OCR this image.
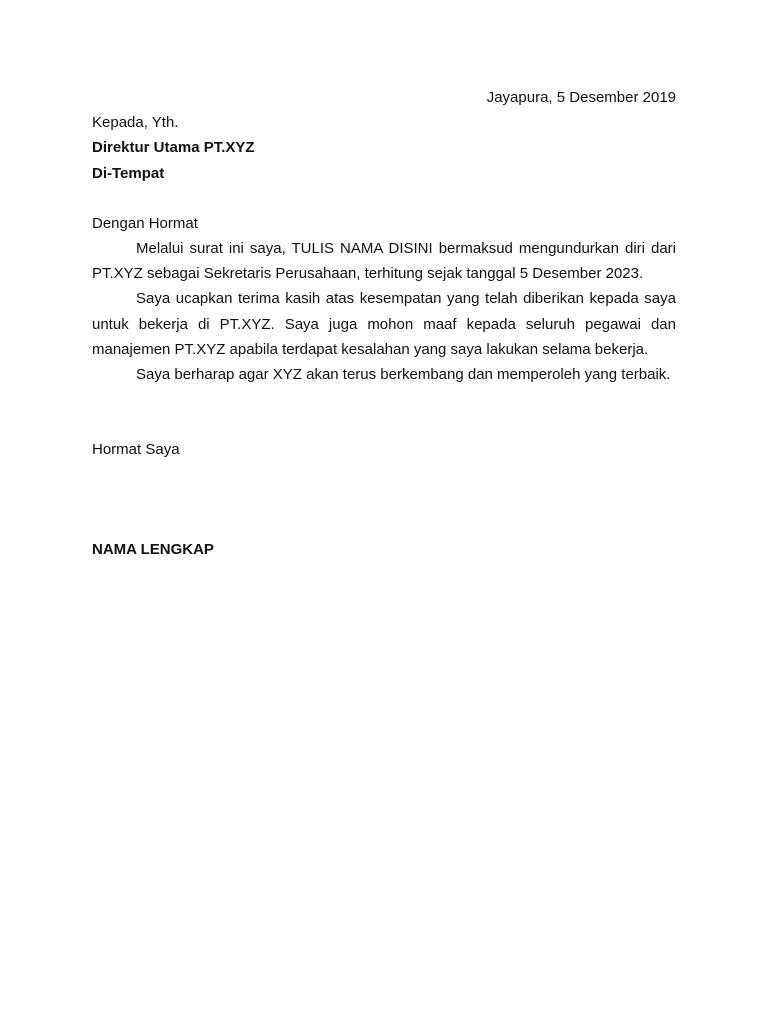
Jayapura, 5 Desember 2019

Kepada, Yth.

Direktur Utama PT.XYZ

Di-Tempat

Dengan Hormat

Melalui surat ini saya, TULIS NAMA DISINI bermaksud mengundurkan diri dari PT.XYZ sebagai Sekretaris Perusahaan, terhitung sejak tanggal 5 Desember 2023.

Saya ucapkan terima kasih atas kesempatan yang telah diberikan kepada saya untuk bekerja di PT.XYZ. Saya juga mohon maaf kepada seluruh pegawai dan manajemen PT.XYZ apabila terdapat kesalahan yang saya lakukan selama bekerja.

Saya berharap agar XYZ akan terus berkembang dan memperoleh yang terbaik.

Hormat Saya

NAMA LENGKAP
